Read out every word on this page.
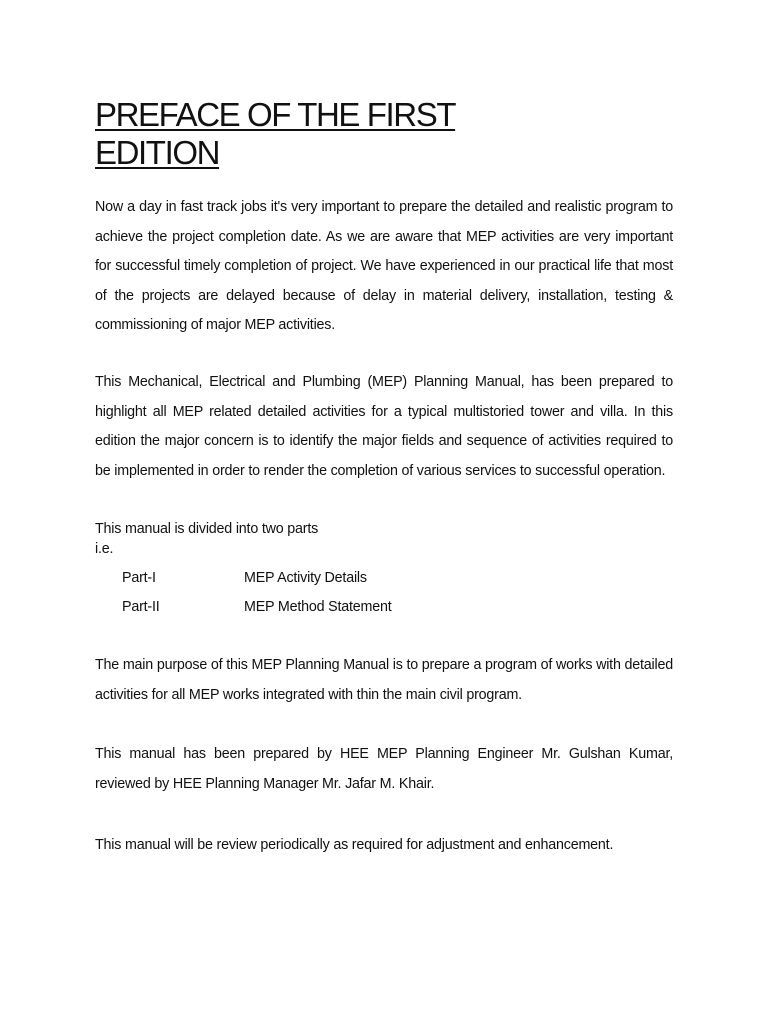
PREFACE OF THE FIRST
EDITION

Now a day in fast track jobs it's very important to prepare the detailed and realistic program to achieve the project completion date. As we are aware that MEP activities are very important for successful timely completion of project. We have experienced in our practical life that most of the projects are delayed because of delay in material delivery, installation, testing & commissioning of major MEP activities.

This Mechanical, Electrical and Plumbing (MEP) Planning Manual, has been prepared to highlight all MEP related detailed activities for a typical multistoried tower and villa. In this edition the major concern is to identify the major fields and sequence of activities required to be implemented in order to render the completion of various services to successful operation.

This manual is divided into two parts

i.e.

Part-I	MEP Activity Details
Part-II	MEP Method Statement

The main purpose of this MEP Planning Manual is to prepare a program of works with detailed activities for all MEP works integrated with thin the main civil program.

This manual has been prepared by HEE MEP Planning Engineer Mr. Gulshan Kumar, reviewed by HEE Planning Manager Mr. Jafar M. Khair.

This manual will be review periodically as required for adjustment and enhancement.
